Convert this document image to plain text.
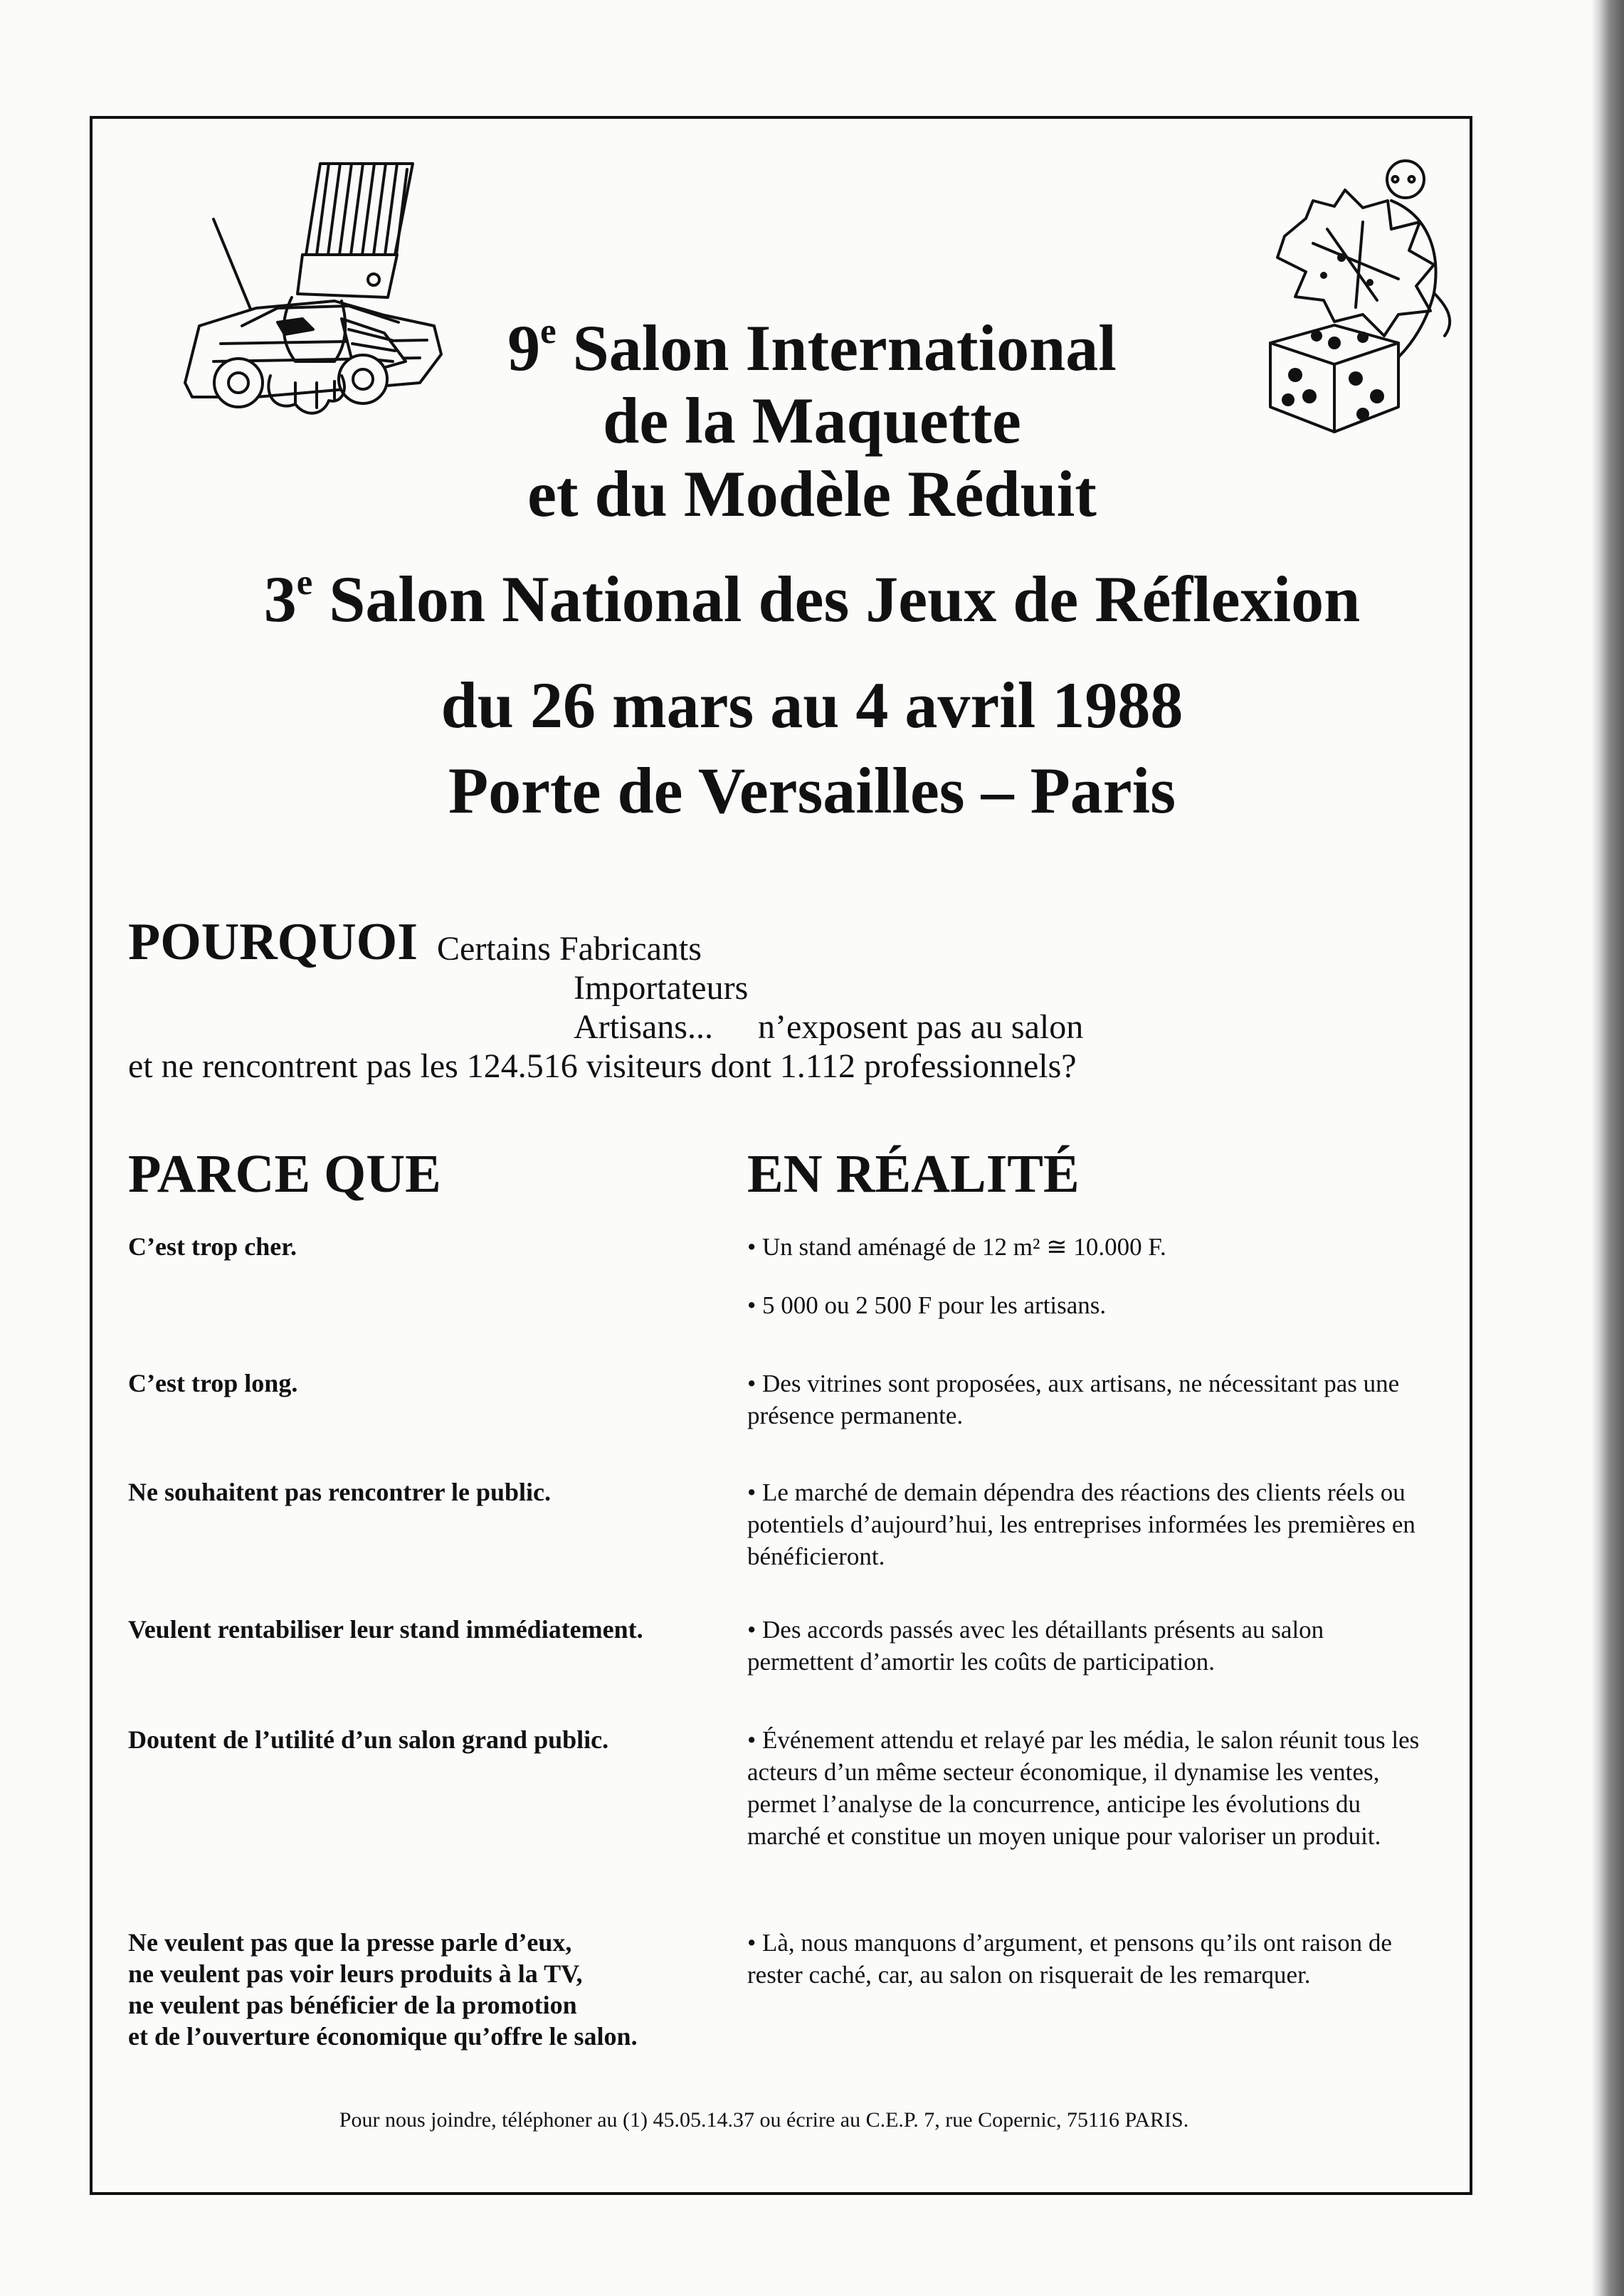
9e Salon International
de la Maquette
et du Modèle Réduit
3e Salon National des Jeux de Réflexion
du 26 mars au 4 avril 1988
Porte de Versailles – Paris
POURQUOI Certains Fabricants
Importateurs
Artisans... n’exposent pas au salon
et ne rencontrent pas les 124.516 visiteurs dont 1.112 professionnels?
PARCE QUE	EN RÉALITÉ
C’est trop cher.
C’est trop long.
Ne souhaitent pas rencontrer le public.
Veulent rentabiliser leur stand immédiatement.
Doutent de l’utilité d’un salon grand public.
Ne veulent pas que la presse parle d’eux,
ne veulent pas voir leurs produits à la TV,
ne veulent pas bénéficier de la promotion
et de l’ouverture économique qu’offre le salon.
• Un stand aménagé de 12 m² ≅ 10.000 F.
• 5 000 ou 2 500 F pour les artisans.
• Des vitrines sont proposées, aux artisans, ne nécessitant pas une présence permanente.
• Le marché de demain dépendra des réactions des clients réels ou potentiels d’aujourd’hui, les entreprises informées les premières en bénéficieront.
• Des accords passés avec les détaillants présents au salon permettent d’amortir les coûts de participation.
• Événement attendu et relayé par les média, le salon réunit tous les acteurs d’un même secteur économique, il dynamise les ventes, permet l’analyse de la concurrence, anticipe les évolutions du marché et constitue un moyen unique pour valoriser un produit.
• Là, nous manquons d’argument, et pensons qu’ils ont raison de rester caché, car, au salon on risquerait de les remarquer.
Pour nous joindre, téléphoner au (1) 45.05.14.37 ou écrire au C.E.P. 7, rue Copernic, 75116 PARIS.
